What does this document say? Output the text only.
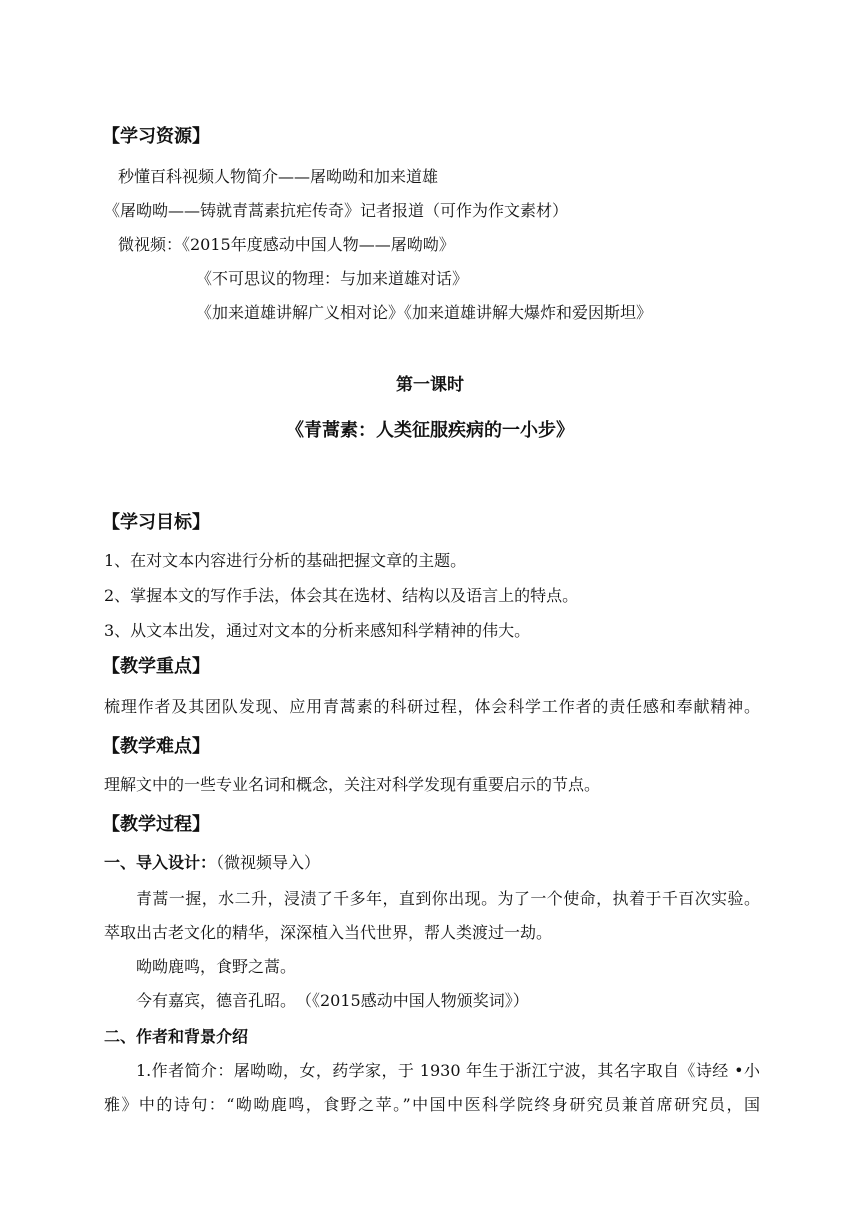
【学习资源】
秒懂百科视频人物简介——屠呦呦和加来道雄
《屠呦呦——铸就青蒿素抗疟传奇》记者报道（可作为作文素材）
微视频：《2015年度感动中国人物——屠呦呦》
《不可思议的物理：与加来道雄对话》
《加来道雄讲解广义相对论》《加来道雄讲解大爆炸和爱因斯坦》
第一课时
《青蒿素：人类征服疾病的一小步》
【学习目标】
1、在对文本内容进行分析的基础把握文章的主题。
2、掌握本文的写作手法，体会其在选材、结构以及语言上的特点。
3、从文本出发，通过对文本的分析来感知科学精神的伟大。
【教学重点】
梳理作者及其团队发现、应用青蒿素的科研过程，体会科学工作者的责任感和奉献精神。
【教学难点】
理解文中的一些专业名词和概念，关注对科学发现有重要启示的节点。
【教学过程】
一、导入设计：（微视频导入）
青蒿一握，水二升，浸渍了千多年，直到你出现。为了一个使命，执着于千百次实验。
萃取出古老文化的精华，深深植入当代世界，帮人类渡过一劫。
呦呦鹿鸣，食野之蒿。
今有嘉宾，德音孔昭。　（《2015感动中国人物颁奖词》）
二、作者和背景介绍
1.作者简介：屠呦呦，女，药学家，于 1930 年生于浙江宁波，其名字取自《诗经 •小
雅》中的诗句：“呦呦鹿鸣，食野之苹。”中国中医科学院终身研究员兼首席研究员，国
